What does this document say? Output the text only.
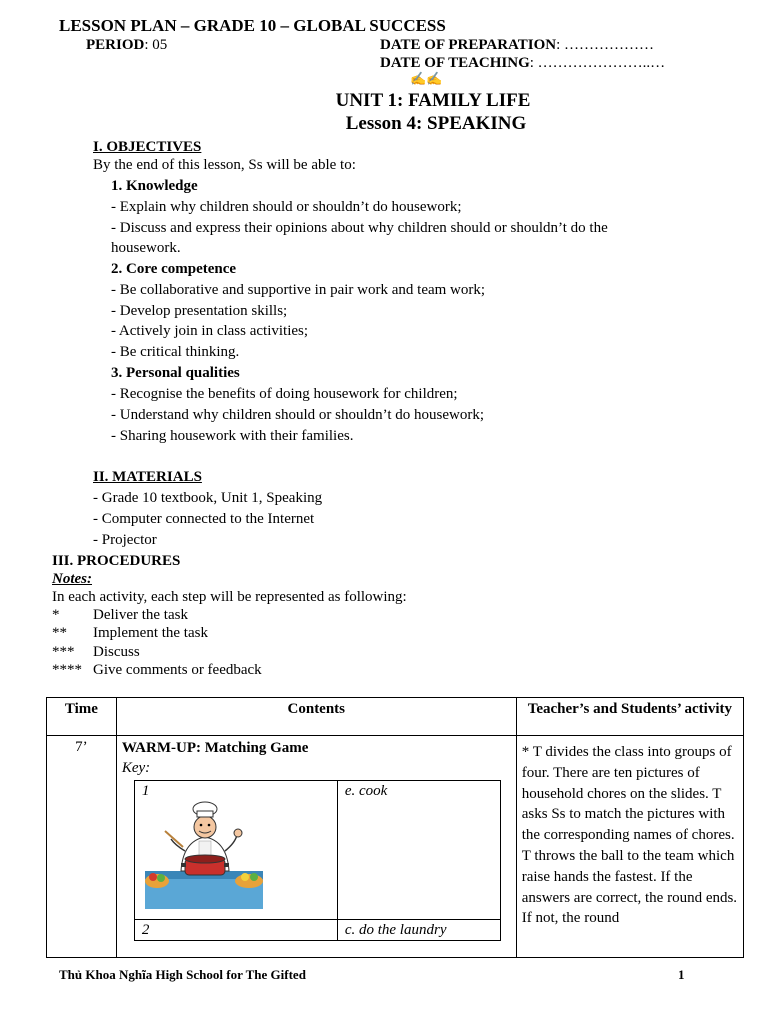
LESSON PLAN – GRADE 10 – GLOBAL SUCCESS
PERIOD: 05	DATE OF PREPARATION: ………………
DATE OF TEACHING: …………………..…
✍️✍
UNIT 1: FAMILY LIFE
Lesson 4: SPEAKING
I. OBJECTIVES
By the end of this lesson, Ss will be able to:
1. Knowledge
- Explain why children should or shouldn’t do housework;
- Discuss and express their opinions about why children should or shouldn’t do the
housework.
2. Core competence
- Be collaborative and supportive in pair work and team work;
- Develop presentation skills;
- Actively join in class activities;
- Be critical thinking.
3. Personal qualities
- Recognise the benefits of doing housework for children;
- Understand why children should or shouldn’t do housework;
- Sharing housework with their families.
II. MATERIALS
- Grade 10 textbook, Unit 1, Speaking
- Computer connected to the Internet
- Projector
III. PROCEDURES
Notes:
In each activity, each step will be represented as following:
* Deliver the task
** Implement the task
*** Discuss
**** Give comments or feedback
Time	Contents	Teacher’s and Students’ activity
7’	WARM-UP: Matching Game
Key:
1	e. cook
2	c. do the laundry

* T divides the class into groups of four. There are ten pictures of household chores on the slides. T asks Ss to match the pictures with the corresponding names of chores. T throws the ball to the team which raise hands the fastest. If the answers are correct, the round ends. If not, the round
Thủ Khoa Nghĩa High School for The Gifted	1
